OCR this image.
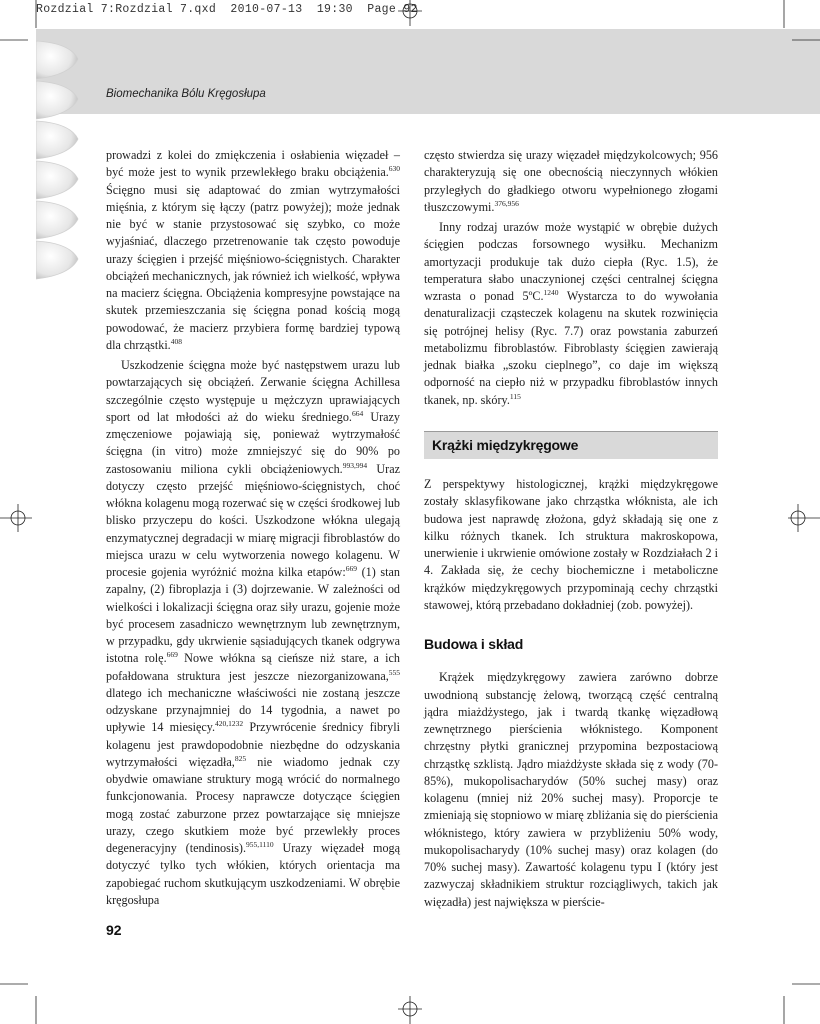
Rozdzial 7:Rozdzial 7.qxd  2010-07-13  19:30  Page 92
Biomechanika Bólu Kręgosłupa

prowadzi z kolei do zmiękczenia i osłabienia więzadeł – być może jest to wynik przewlekłego braku obciążenia.$^{630}$ Ścięgno musi się adaptować do zmian wytrzymałości mięśnia, z którym się łączy (patrz powyżej); może jednak nie być w stanie przystosować się szybko, co może wyjaśniać, dlaczego przetrenowanie tak często powoduje urazy ścięgien i przejść mięśniowo-ścięgnistych. Charakter obciążeń mechanicznych, jak również ich wielkość, wpływa na macierz ścięgna. Obciążenia kompresyjne powstające na skutek przemieszczania się ścięgna ponad kością mogą powodować, że macierz przybiera formę bardziej typową dla chrząstki.$^{408}$

Uszkodzenie ścięgna może być następstwem urazu lub powtarzających się obciążeń. Zerwanie ścięgna Achillesa szczególnie często występuje u mężczyzn uprawiających sport od lat młodości aż do wieku średniego.$^{664}$ Urazy zmęczeniowe pojawiają się, ponieważ wytrzymałość ścięgna (in vitro) może zmniejszyć się do 90% po zastosowaniu miliona cykli obciążeniowych.$^{993,994}$ Uraz dotyczy często przejść mięśniowo-ścięgnistych, choć włókna kolagenu mogą rozerwać się w części środkowej lub blisko przyczepu do kości. Uszkodzone włókna ulegają enzymatycznej degradacji w miarę migracji fibroblastów do miejsca urazu w celu wytworzenia nowego kolagenu. W procesie gojenia wyróżnić można kilka etapów:$^{669}$ (1) stan zapalny, (2) fibroplazja i (3) dojrzewanie. W zależności od wielkości i lokalizacji ścięgna oraz siły urazu, gojenie może być procesem zasadniczo wewnętrznym lub zewnętrznym, w przypadku, gdy ukrwienie sąsiadujących tkanek odgrywa istotna rolę.$^{669}$ Nowe włókna są cieńsze niż stare, a ich pofałdowana struktura jest jeszcze niezorganizowana,$^{555}$ dlatego ich mechaniczne właściwości nie zostaną jeszcze odzyskane przynajmniej do 14 tygodnia, a nawet po upływie 14 miesięcy.$^{420,1232}$ Przywrócenie średnicy fibryli kolagenu jest prawdopodobnie niezbędne do odzyskania wytrzymałości więzadła,$^{825}$ nie wiadomo jednak czy obydwie omawiane struktury mogą wrócić do normalnego funkcjonowania. Procesy naprawcze dotyczące ścięgien mogą zostać zaburzone przez powtarzające się mniejsze urazy, czego skutkiem może być przewlekły proces degeneracyjny (tendinosis).$^{955,1110}$ Urazy więzadeł mogą dotyczyć tylko tych włókien, których orientacja ma zapobiegać ruchom skutkującym uszkodzeniami. W obrębie kręgosłupa

często stwierdza się urazy więzadeł międzykolcowych; 956 charakteryzują się one obecnością nieczynnych włókien przyległych do gładkiego otworu wypełnionego złogami tłuszczowymi.$^{376,956}$

Inny rodzaj urazów może wystąpić w obrębie dużych ścięgien podczas forsownego wysiłku. Mechanizm amortyzacji produkuje tak dużo ciepła (Ryc. 1.5), że temperatura słabo unaczynionej części centralnej ścięgna wzrasta o ponad 5ºC.$^{1240}$ Wystarcza to do wywołania denaturalizacji cząsteczek kolagenu na skutek rozwinięcia się potrójnej helisy (Ryc. 7.7) oraz powstania zaburzeń metabolizmu fibroblastów. Fibroblasty ścięgien zawierają jednak białka „szoku cieplnego”, co daje im większą odporność na ciepło niż w przypadku fibroblastów innych tkanek, np. skóry.$^{115}$

Krążki międzykręgowe

Z perspektywy histologicznej, krążki międzykręgowe zostały sklasyfikowane jako chrząstka włóknista, ale ich budowa jest naprawdę złożona, gdyż składają się one z kilku różnych tkanek. Ich struktura makroskopowa, unerwienie i ukrwienie omówione zostały w Rozdziałach 2 i 4. Zakłada się, że cechy biochemiczne i metaboliczne krążków międzykręgowych przypominają cechy chrząstki stawowej, którą przebadano dokładniej (zob. powyżej).

Budowa i skład

Krążek międzykręgowy zawiera zarówno dobrze uwodnioną substancję żelową, tworzącą część centralną jądra miażdżystego, jak i twardą tkankę więzadłową zewnętrznego pierścienia włóknistego. Komponent chrzęstny płytki granicznej przypomina bezpostaciową chrząstkę szklistą. Jądro miażdżyste składa się z wody (70-85%), mukopolisacharydów (50% suchej masy) oraz kolagenu (mniej niż 20% suchej masy). Proporcje te zmieniają się stopniowo w miarę zbliżania się do pierścienia włóknistego, który zawiera w przybliżeniu 50% wody, mukopolisacharydy (10% suchej masy) oraz kolagen (do 70% suchej masy). Zawartość kolagenu typu I (który jest zazwyczaj składnikiem struktur rozciągliwych, takich jak więzadła) jest największa w pierście-

92
